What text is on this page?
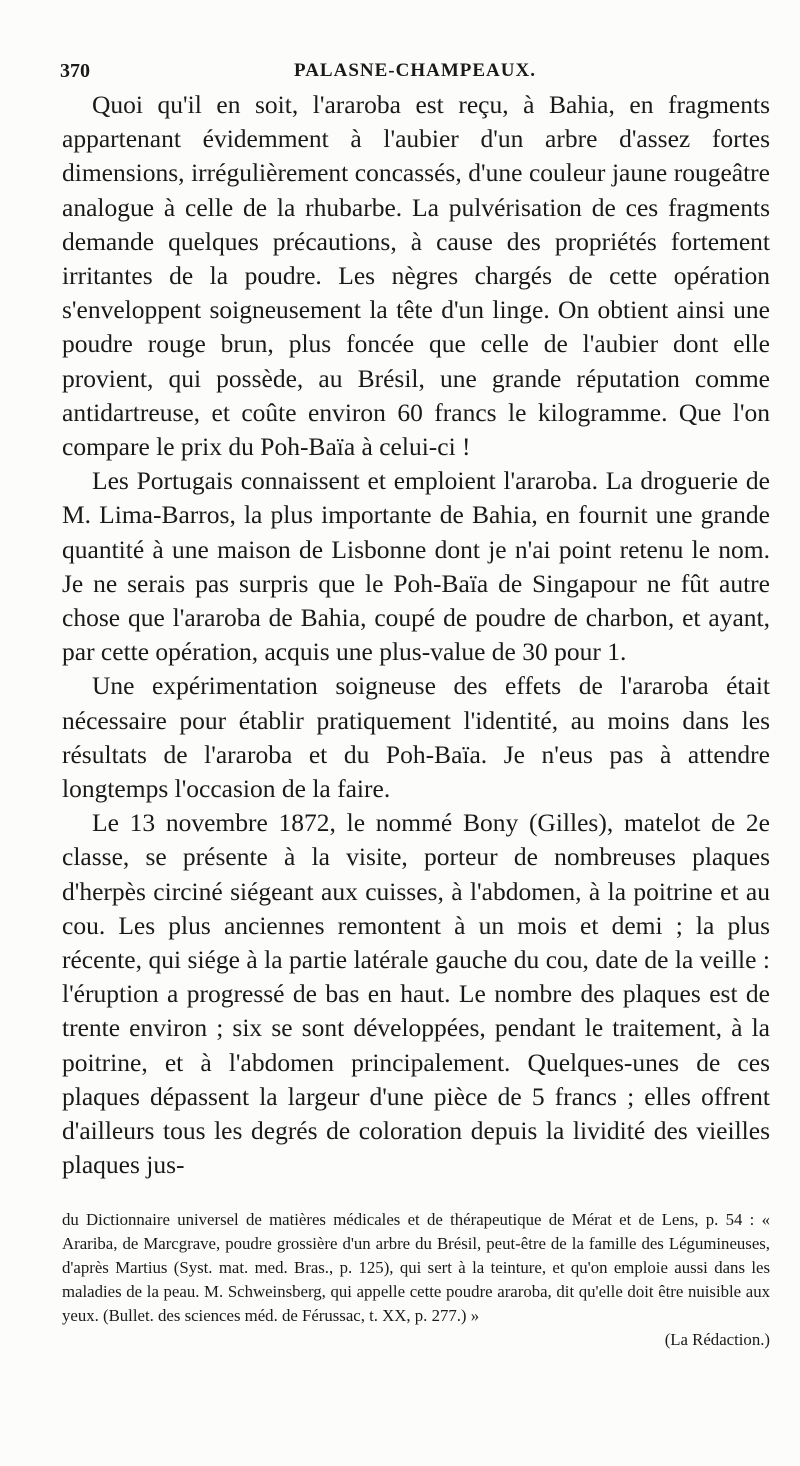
370	PALASNE-CHAMPEAUX.

Quoi qu'il en soit, l'araroba est reçu, à Bahia, en fragments appartenant évidemment à l'aubier d'un arbre d'assez fortes dimensions, irrégulièrement concassés, d'une couleur jaune rougeâtre analogue à celle de la rhubarbe. La pulvérisation de ces fragments demande quelques précautions, à cause des propriétés fortement irritantes de la poudre. Les nègres chargés de cette opération s'enveloppent soigneusement la tête d'un linge. On obtient ainsi une poudre rouge brun, plus foncée que celle de l'aubier dont elle provient, qui possède, au Brésil, une grande réputation comme antidartreuse, et coûte environ 60 francs le kilogramme. Que l'on compare le prix du Poh-Baïa à celui-ci !

Les Portugais connaissent et emploient l'araroba. La droguerie de M. Lima-Barros, la plus importante de Bahia, en fournit une grande quantité à une maison de Lisbonne dont je n'ai point retenu le nom. Je ne serais pas surpris que le Poh-Baïa de Singapour ne fût autre chose que l'araroba de Bahia, coupé de poudre de charbon, et ayant, par cette opération, acquis une plus-value de 30 pour 1.

Une expérimentation soigneuse des effets de l'araroba était nécessaire pour établir pratiquement l'identité, au moins dans les résultats de l'araroba et du Poh-Baïa. Je n'eus pas à attendre longtemps l'occasion de la faire.

Le 13 novembre 1872, le nommé Bony (Gilles), matelot de 2e classe, se présente à la visite, porteur de nombreuses plaques d'herpès circiné siégeant aux cuisses, à l'abdomen, à la poitrine et au cou. Les plus anciennes remontent à un mois et demi ; la plus récente, qui siége à la partie latérale gauche du cou, date de la veille : l'éruption a progressé de bas en haut. Le nombre des plaques est de trente environ ; six se sont développées, pendant le traitement, à la poitrine, et à l'abdomen principalement. Quelques-unes de ces plaques dépassent la largeur d'une pièce de 5 francs ; elles offrent d'ailleurs tous les degrés de coloration depuis la lividité des vieilles plaques jus-

du Dictionnaire universel de matières médicales et de thérapeutique de Mérat et de Lens, p. 54 : « Arariba, de Marcgrave, poudre grossière d'un arbre du Brésil, peut-être de la famille des Légumineuses, d'après Martius (Syst. mat. med. Bras., p. 125), qui sert à la teinture, et qu'on emploie aussi dans les maladies de la peau. M. Schweinsberg, qui appelle cette poudre araroba, dit qu'elle doit être nuisible aux yeux. (Bullet. des sciences méd. de Férussac, t. XX, p. 277.) »

(La Rédaction.)
